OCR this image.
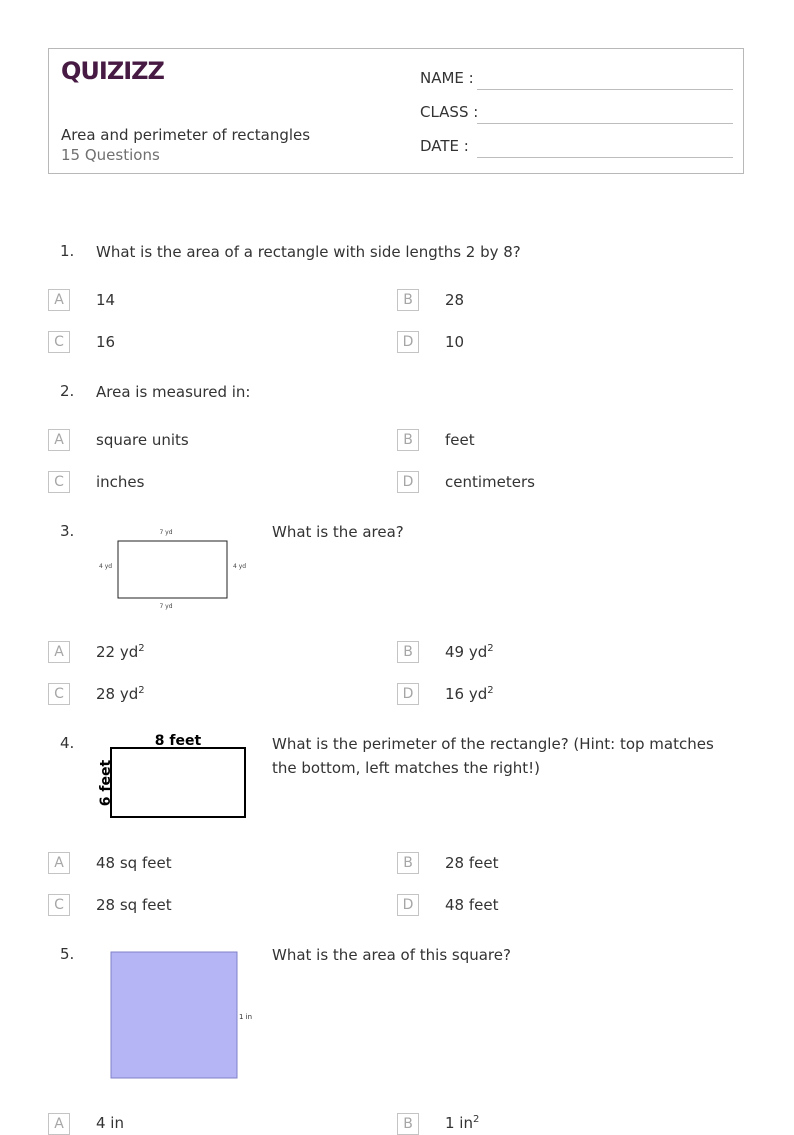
QUIZIZZ
Area and perimeter of rectangles
15 Questions
NAME :
CLASS :
DATE :
1. What is the area of a rectangle with side lengths 2 by 8?
A	14	B	28
C	16	D	10
2. Area is measured in:
A	square units	B	feet
C	inches	D	centimeters
3.	7 yd
7 yd
4 yd	4 yd
What is the area?
A	22 $yd^2$	B	49 $yd^2$
C	28 $yd^2$	D	16 $yd^2$
4.	8 feet
6 feet
What is the perimeter of the rectangle? (Hint: top matches the bottom, left matches the right!)
A	48 sq feet	B	28 feet
C	28 sq feet	D	48 feet
5.
1 in
What is the area of this square?
A	4 in	B	1 $in^2$
